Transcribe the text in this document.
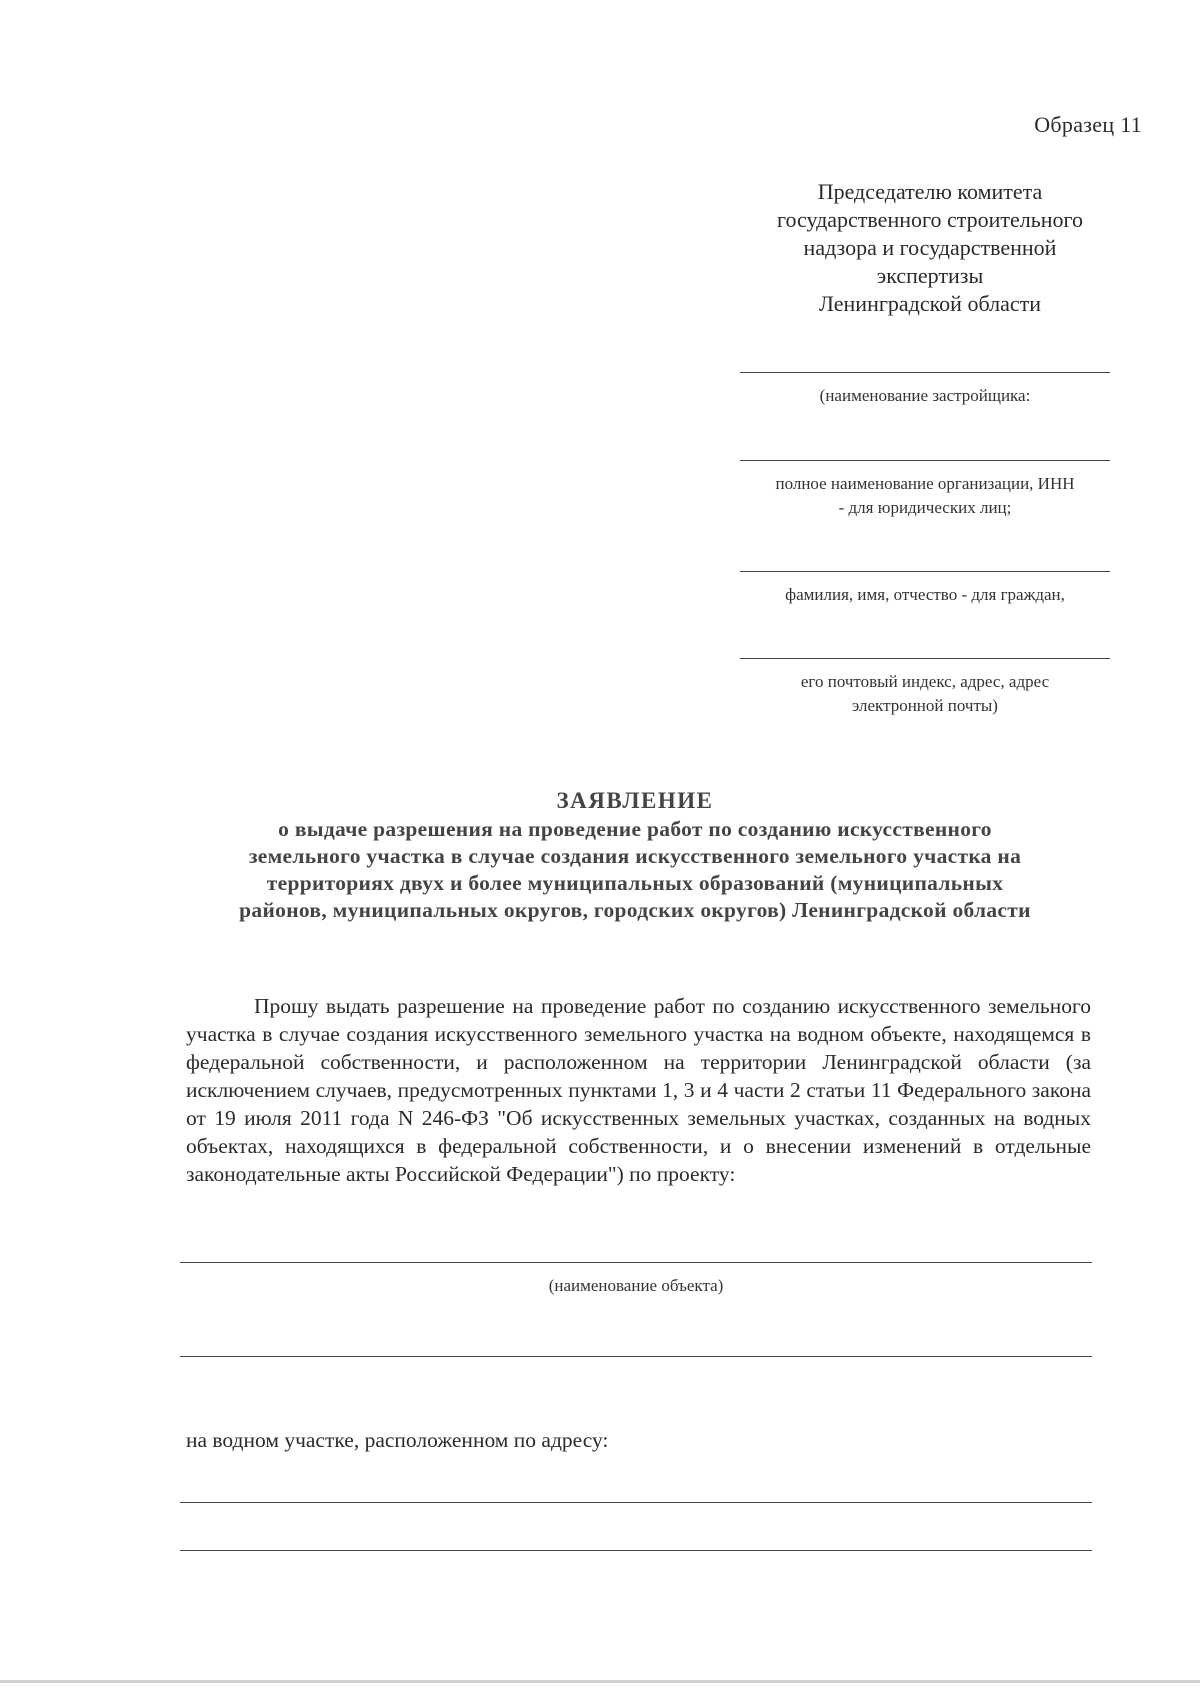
Образец 11
Председателю комитета
государственного строительного
надзора и государственной
экспертизы
Ленинградской области
(наименование застройщика:
полное наименование организации, ИНН
- для юридических лиц;
фамилия, имя, отчество - для граждан,
его почтовый индекс, адрес, адрес
электронной почты)
ЗАЯВЛЕНИЕ
о выдаче разрешения на проведение работ по созданию искусственного
земельного участка в случае создания искусственного земельного участка на
территориях двух и более муниципальных образований (муниципальных
районов, муниципальных округов, городских округов) Ленинградской области

Прошу выдать разрешение на проведение работ по созданию искусственного земельного участка в случае создания искусственного земельного участка на водном объекте, находящемся в федеральной собственности, и расположенном на территории Ленинградской области (за исключением случаев, предусмотренных пунктами 1, 3 и 4 части 2 статьи 11 Федерального закона от 19 июля 2011 года N 246-ФЗ "Об искусственных земельных участках, созданных на водных объектах, находящихся в федеральной собственности, и о внесении изменений в отдельные законодательные акты Российской Федерации") по проекту:

(наименование объекта)
на водном участке, расположенном по адресу:
